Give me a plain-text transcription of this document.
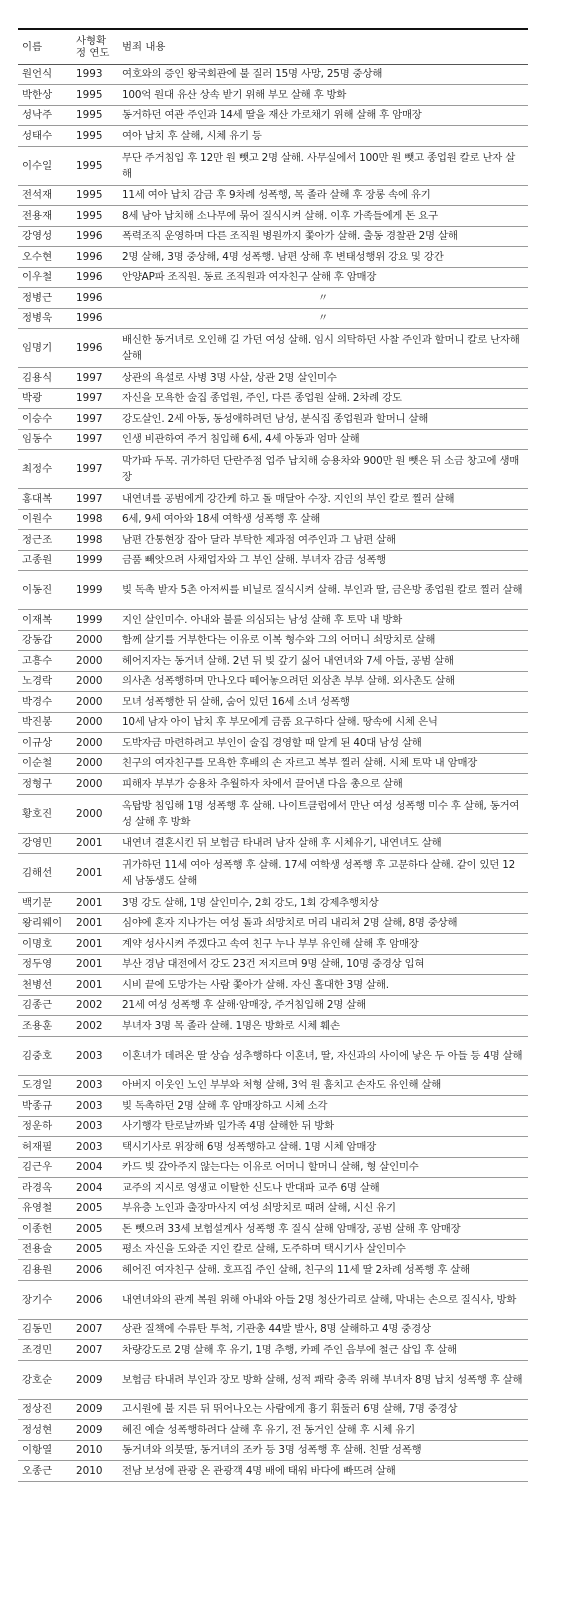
이름	사형확정 연도	범죄 내용
원언식	1993	여호와의 증인 왕국회관에 불 질러 15명 사망, 25명 중상해
박한상	1995	100억 원대 유산 상속 받기 위해 부모 살해 후 방화
성낙주	1995	동거하던 여관 주인과 14세 딸을 재산 가로채기 위해 살해 후 암매장
성태수	1995	여아 납치 후 살해, 시체 유기 등
이수일	1995	무단 주거침입 후 12만 원 뺏고 2명 살해. 사무실에서 100만 원 뺏고 종업원 칼로 난자 살해
전석재	1995	11세 여아 납치 감금 후 9차례 성폭행, 목 졸라 살해 후 장롱 속에 유기
전용재	1995	8세 남아 납치해 소나무에 묶어 질식시켜 살해. 이후 가족들에게 돈 요구
강영성	1996	폭력조직 운영하며 다른 조직원 병원까지 쫓아가 살해. 출동 경찰관 2명 살해
오수현	1996	2명 살해, 3명 중상해, 4명 성폭행. 남편 상해 후 변태성행위 강요 및 강간
이우철	1996	안양AP파 조직원. 동료 조직원과 여자친구 살해 후 암매장
정병근	1996	〃
정병욱	1996	〃
임명기	1996	배신한 동거녀로 오인해 길 가던 여성 살해. 임시 의탁하던 사찰 주인과 할머니 칼로 난자해 살해
김용식	1997	상관의 욕설로 사병 3명 사살, 상관 2명 살인미수
박광	1997	자신을 모욕한 술집 종업원, 주인, 다른 종업원 살해. 2차례 강도
이승수	1997	강도살인. 2세 아동, 동성애하려던 남성, 분식집 종업원과 할머니 살해
임동수	1997	인생 비관하여 주거 침입해 6세, 4세 아동과 엄마 살해
최정수	1997	막가파 두목. 귀가하던 단란주점 업주 납치해 승용차와 900만 원 뺏은 뒤 소금 창고에 생매장
홍대복	1997	내연녀를 공범에게 강간케 하고 돌 매달아 수장. 지인의 부인 칼로 찔러 살해
이원수	1998	6세, 9세 여아와 18세 여학생 성폭행 후 살해
정근조	1998	남편 간통현장 잡아 달라 부탁한 제과점 여주인과 그 남편 살해
고종원	1999	금품 빼앗으려 사채업자와 그 부인 살해. 부녀자 감금 성폭행
이동진	1999	빚 독촉 받자 5촌 아저씨를 비닐로 질식시켜 살해. 부인과 딸, 금은방 종업원 칼로 찔러 살해
이재복	1999	지인 살인미수. 아내와 불륜 의심되는 남성 살해 후 토막 내 방화
강동갑	2000	함께 살기를 거부한다는 이유로 이복 형수와 그의 어머니 쇠망치로 살해
고흥수	2000	헤어지자는 동거녀 살해. 2년 뒤 빚 갚기 싫어 내연녀와 7세 아들, 공범 살해
노경락	2000	의사촌 성폭행하며 만나오다 떼어놓으려던 외삼촌 부부 살해. 외사촌도 살해
박경수	2000	모녀 성폭행한 뒤 살해, 숨어 있던 16세 소녀 성폭행
박진봉	2000	10세 남자 아이 납치 후 부모에게 금품 요구하다 살해. 땅속에 시체 은닉
이규상	2000	도박자금 마련하려고 부인이 술집 경영할 때 알게 된 40대 남성 살해
이순철	2000	친구의 여자친구를 모욕한 후배의 손 자르고 복부 찔러 살해. 시체 토막 내 암매장
정형구	2000	피해자 부부가 승용차 추월하자 차에서 끌어낸 다음 총으로 살해
황호진	2000	옥탑방 침입해 1명 성폭행 후 살해. 나이트클럽에서 만난 여성 성폭행 미수 후 살해, 동거여성 살해 후 방화
강영민	2001	내연녀 결혼시킨 뒤 보험금 타내려 남자 살해 후 시체유기, 내연녀도 살해
김해선	2001	귀가하던 11세 여아 성폭행 후 살해. 17세 여학생 성폭행 후 고문하다 살해. 같이 있던 12세 남동생도 살해
백기문	2001	3명 강도 살해, 1명 살인미수, 2회 강도, 1회 강제추행치상
왕리웨이	2001	심야에 혼자 지나가는 여성 돌과 쇠망치로 머리 내리쳐 2명 살해, 8명 중상해
이명호	2001	계약 성사시켜 주겠다고 속여 친구 누나 부부 유인해 살해 후 암매장
정두영	2001	부산 경남 대전에서 강도 23건 저지르며 9명 살해, 10명 중경상 입혀
천병선	2001	시비 끝에 도망가는 사람 쫓아가 살해. 자신 홀대한 3명 살해.
김종근	2002	21세 여성 성폭행 후 살해·암매장, 주거침입해 2명 살해
조용훈	2002	부녀자 3명 목 졸라 살해. 1명은 방화로 시체 훼손
김중호	2003	이혼녀가 데려온 딸 상습 성추행하다 이혼녀, 딸, 자신과의 사이에 낳은 두 아들 등 4명 살해
도경일	2003	아버지 이웃인 노인 부부와 처형 살해, 3억 원 훔치고 손자도 유인해 살해
박종규	2003	빚 독촉하던 2명 살해 후 암매장하고 시체 소각
정운하	2003	사기행각 탄로날까봐 일가족 4명 살해한 뒤 방화
허재필	2003	택시기사로 위장해 6명 성폭행하고 살해. 1명 시체 암매장
김근우	2004	카드 빚 갚아주지 않는다는 이유로 어머니 할머니 살해, 형 살인미수
라경옥	2004	교주의 지시로 영생교 이탈한 신도나 반대파 교주 6명 살해
유영철	2005	부유층 노인과 출장마사지 여성 쇠망치로 때려 살해, 시신 유기
이종헌	2005	돈 뺏으려 33세 보험설계사 성폭행 후 질식 살해 암매장, 공범 살해 후 암매장
전용술	2005	평소 자신을 도와준 지인 칼로 살해, 도주하며 택시기사 살인미수
김용원	2006	헤어진 여자친구 살해. 호프집 주인 살해, 친구의 11세 딸 2차례 성폭행 후 살해
장기수	2006	내연녀와의 관계 복원 위해 아내와 아들 2명 청산가리로 살해, 막내는 손으로 질식사, 방화
김동민	2007	상관 질책에 수류탄 투척, 기관총 44발 발사, 8명 살해하고 4명 중경상
조경민	2007	차량강도로 2명 살해 후 유기, 1명 추행, 카페 주인 음부에 철근 삽입 후 살해
강호순	2009	보험금 타내려 부인과 장모 방화 살해, 성적 쾌락 충족 위해 부녀자 8명 납치 성폭행 후 살해
정상진	2009	고시원에 불 지른 뒤 뛰어나오는 사람에게 흉기 휘둘러 6명 살해, 7명 중경상
정성현	2009	혜진 예슬 성폭행하려다 살해 후 유기, 전 동거인 살해 후 시체 유기
이항열	2010	동거녀와 의붓딸, 동거녀의 조카 등 3명 성폭행 후 살해. 친딸 성폭행
오종근	2010	전남 보성에 관광 온 관광객 4명 배에 태워 바다에 빠뜨려 살해
